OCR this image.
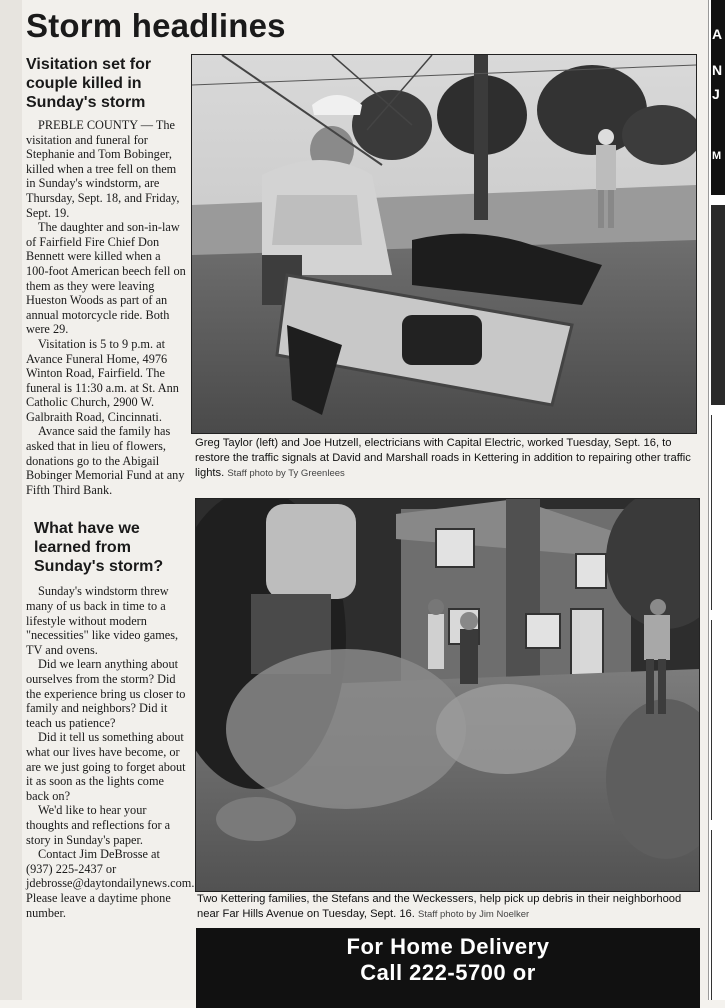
Storm headlines
Visitation set for couple killed in Sunday's storm

PREBLE COUNTY — The visitation and funeral for Stephanie and Tom Bobinger, killed when a tree fell on them in Sunday's windstorm, are Thursday, Sept. 18, and Friday, Sept. 19.

The daughter and son-in-law of Fairfield Fire Chief Don Bennett were killed when a 100-foot American beech fell on them as they were leaving Hueston Woods as part of an annual motorcycle ride. Both were 29.

Visitation is 5 to 9 p.m. at Avance Funeral Home, 4976 Winton Road, Fairfield. The funeral is 11:30 a.m. at St. Ann Catholic Church, 2900 W. Galbraith Road, Cincinnati.

Avance said the family has asked that in lieu of flowers, donations go to the Abigail Bobinger Memorial Fund at any Fifth Third Bank.

What have we learned from Sunday's storm?

Sunday's windstorm threw many of us back in time to a lifestyle without modern "necessities" like video games, TV and ovens.

Did we learn anything about ourselves from the storm? Did the experience bring us closer to family and neighbors? Did it teach us patience?

Did it tell us something about what our lives have become, or are we just going to forget about it as soon as the lights come back on?

We'd like to hear your thoughts and reflections for a story in Sunday's paper.

Contact Jim DeBrosse at (937) 225-2437 or jdebrosse@daytondailynews.com. Please leave a daytime phone number.

Greg Taylor (left) and Joe Hutzell, electricians with Capital Electric, worked Tuesday, Sept. 16, to restore the traffic signals at David and Marshall roads in Kettering in addition to repairing other traffic lights. Staff photo by Ty Greenlees
Two Kettering families, the Stefans and the Weckessers, help pick up debris in their neighborhood near Far Hills Avenue on Tuesday, Sept. 16. Staff photo by Jim Noelker
For Home Delivery
Call 222-5700 or
A
N
J
M
